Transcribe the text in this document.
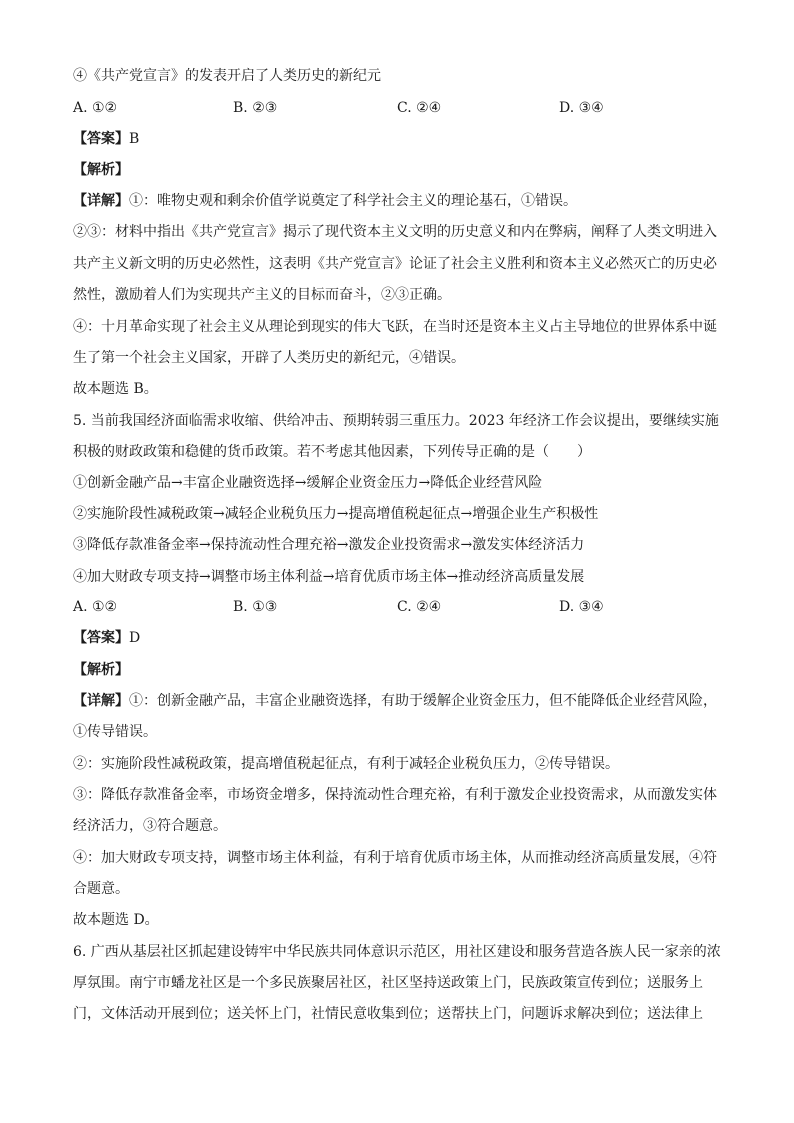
④《共产党宣言》的发表开启了人类历史的新纪元
A. ①②	B. ②③	C. ②④	D. ③④
【答案】B
【解析】
【详解】①：唯物史观和剩余价值学说奠定了科学社会主义的理论基石，①错误。
②③：材料中指出《共产党宣言》揭示了现代资本主义文明的历史意义和内在弊病，阐释了人类文明进入
共产主义新文明的历史必然性，这表明《共产党宣言》论证了社会主义胜利和资本主义必然灭亡的历史必
然性，激励着人们为实现共产主义的目标而奋斗，②③正确。
④：十月革命实现了社会主义从理论到现实的伟大飞跃，在当时还是资本主义占主导地位的世界体系中诞
生了第一个社会主义国家，开辟了人类历史的新纪元，④错误。
故本题选 B。
5. 当前我国经济面临需求收缩、供给冲击、预期转弱三重压力。2023 年经济工作会议提出，要继续实施
积极的财政政策和稳健的货币政策。若不考虑其他因素，下列传导正确的是（　　）
①创新金融产品→丰富企业融资选择→缓解企业资金压力→降低企业经营风险
②实施阶段性减税政策→减轻企业税负压力→提高增值税起征点→增强企业生产积极性
③降低存款准备金率→保持流动性合理充裕→激发企业投资需求→激发实体经济活力
④加大财政专项支持→调整市场主体利益→培育优质市场主体→推动经济高质量发展
A. ①②	B. ①③	C. ②④	D. ③④
【答案】D
【解析】
【详解】①：创新金融产品，丰富企业融资选择，有助于缓解企业资金压力，但不能降低企业经营风险，
①传导错误。
②：实施阶段性减税政策，提高增值税起征点，有利于减轻企业税负压力，②传导错误。
③：降低存款准备金率，市场资金增多，保持流动性合理充裕，有利于激发企业投资需求，从而激发实体
经济活力，③符合题意。
④：加大财政专项支持，调整市场主体利益，有利于培育优质市场主体，从而推动经济高质量发展，④符
合题意。
故本题选 D。
6. 广西从基层社区抓起建设铸牢中华民族共同体意识示范区，用社区建设和服务营造各族人民一家亲的浓
厚氛围。南宁市蟠龙社区是一个多民族聚居社区，社区坚持送政策上门，民族政策宣传到位；送服务上
门，文体活动开展到位；送关怀上门，社情民意收集到位；送帮扶上门，问题诉求解决到位；送法律上
